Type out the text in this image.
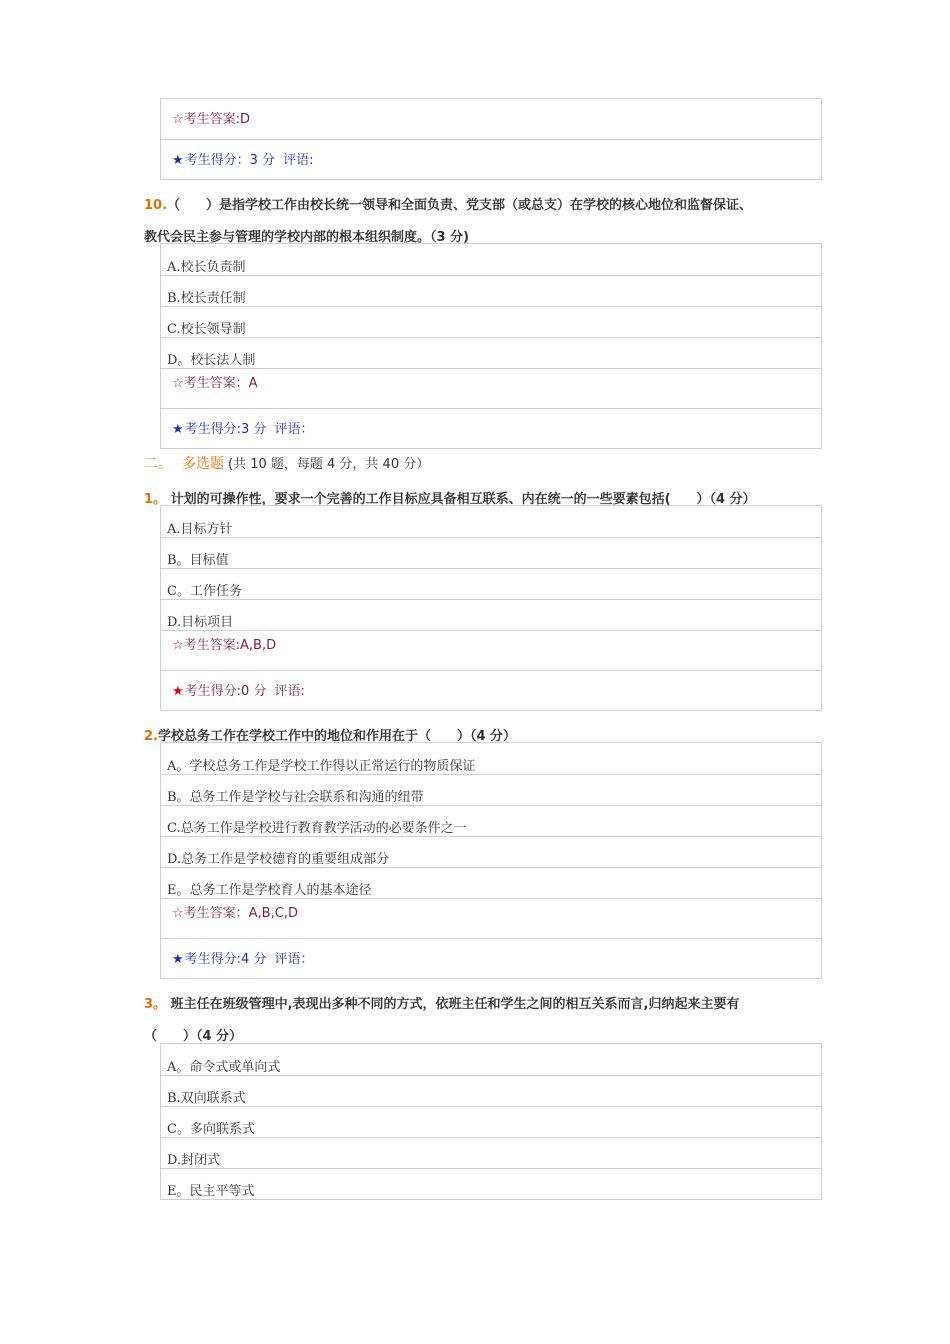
☆考生答案:D
★考生得分：3 分 评语:
10.（　　）是指学校工作由校长统一领导和全面负责、党支部（或总支）在学校的核心地位和监督保证、
教代会民主参与管理的学校内部的根本组织制度。（3 分)
A.校长负责制
B.校长责任制
C.校长领导制
D。校长法人制
☆考生答案：A
★考生得分:3 分 评语：
二。 多选题 (共 10 题，每题 4 分，共 40 分）
1。 计划的可操作性，要求一个完善的工作目标应具备相互联系、内在统一的一些要素包括(　　）（4 分）
A.目标方针
B。目标值
C。工作任务
D.目标项目
☆考生答案:A,B,D
★考生得分:0 分 评语:
2.学校总务工作在学校工作中的地位和作用在于（　　）（4 分）
A。学校总务工作是学校工作得以正常运行的物质保证
B。总务工作是学校与社会联系和沟通的纽带
C.总务工作是学校进行教育教学活动的必要条件之一
D.总务工作是学校德育的重要组成部分
E。总务工作是学校育人的基本途径
☆考生答案：A,B,C,D
★考生得分:4 分 评语：
3。 班主任在班级管理中,表现出多种不同的方式，依班主任和学生之间的相互关系而言,归纳起来主要有
（　　）（4 分）
A。命令式或单向式
B.双向联系式
C。多向联系式
D.封闭式
E。民主平等式
